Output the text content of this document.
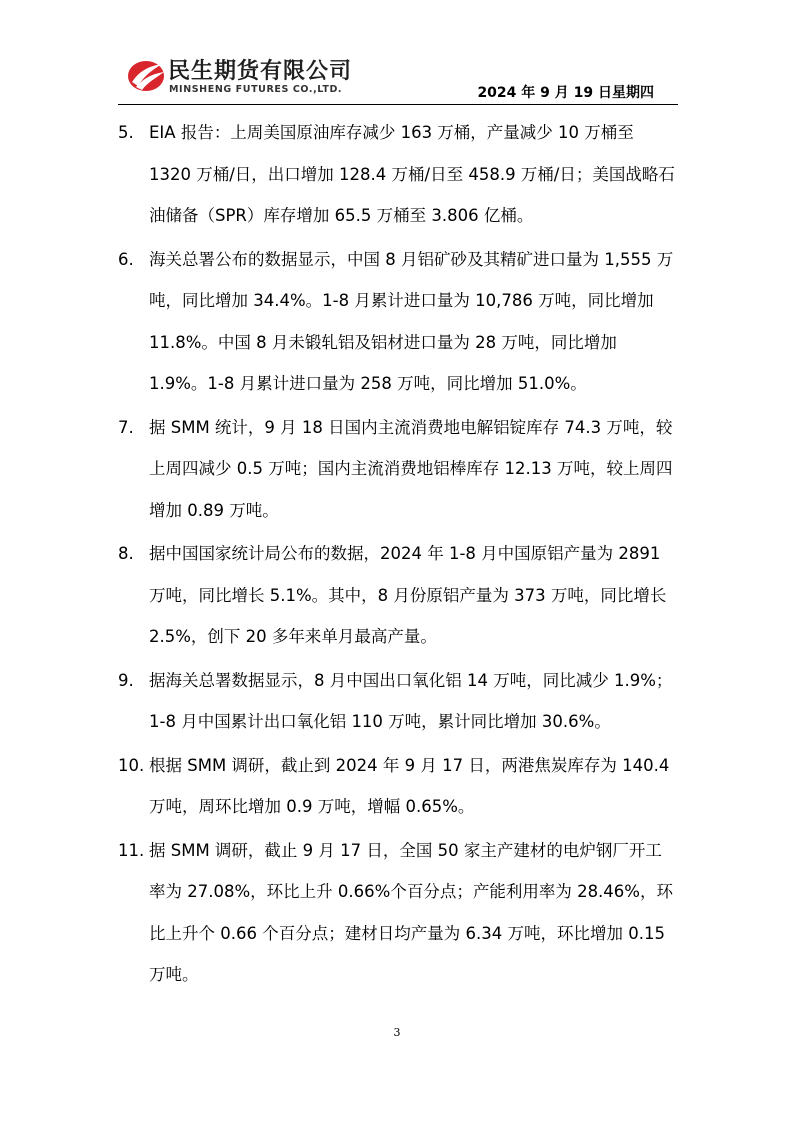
民生期货有限公司
MINSHENG FUTURES CO.,LTD.	2024 年 9 月 19 日星期四
5. EIA 报告：上周美国原油库存减少 163 万桶，产量减少 10 万桶至 1320 万桶/日，出口增加 128.4 万桶/日至 458.9 万桶/日；美国战略石油储备（SPR）库存增加 65.5 万桶至 3.806 亿桶。
6. 海关总署公布的数据显示，中国 8 月铝矿砂及其精矿进口量为 1,555 万吨，同比增加 34.4%。1-8 月累计进口量为 10,786 万吨，同比增加 11.8%。中国 8 月未锻轧铝及铝材进口量为 28 万吨，同比增加 1.9%。1-8 月累计进口量为 258 万吨，同比增加 51.0%。
7. 据 SMM 统计，9 月 18 日国内主流消费地电解铝锭库存 74.3 万吨，较上周四减少 0.5 万吨；国内主流消费地铝棒库存 12.13 万吨，较上周四增加 0.89 万吨。
8. 据中国国家统计局公布的数据，2024 年 1-8 月中国原铝产量为 2891 万吨，同比增长 5.1%。其中，8 月份原铝产量为 373 万吨，同比增长 2.5%，创下 20 多年来单月最高产量。
9. 据海关总署数据显示，8 月中国出口氧化铝 14 万吨，同比减少 1.9%；1-8 月中国累计出口氧化铝 110 万吨，累计同比增加 30.6%。
10. 根据 SMM 调研，截止到 2024 年 9 月 17 日，两港焦炭库存为 140.4 万吨，周环比增加 0.9 万吨，增幅 0.65%。
11. 据 SMM 调研，截止 9 月 17 日，全国 50 家主产建材的电炉钢厂开工率为 27.08%，环比上升 0.66%个百分点；产能利用率为 28.46%，环比上升个 0.66 个百分点；建材日均产量为 6.34 万吨，环比增加 0.15 万吨。
3
